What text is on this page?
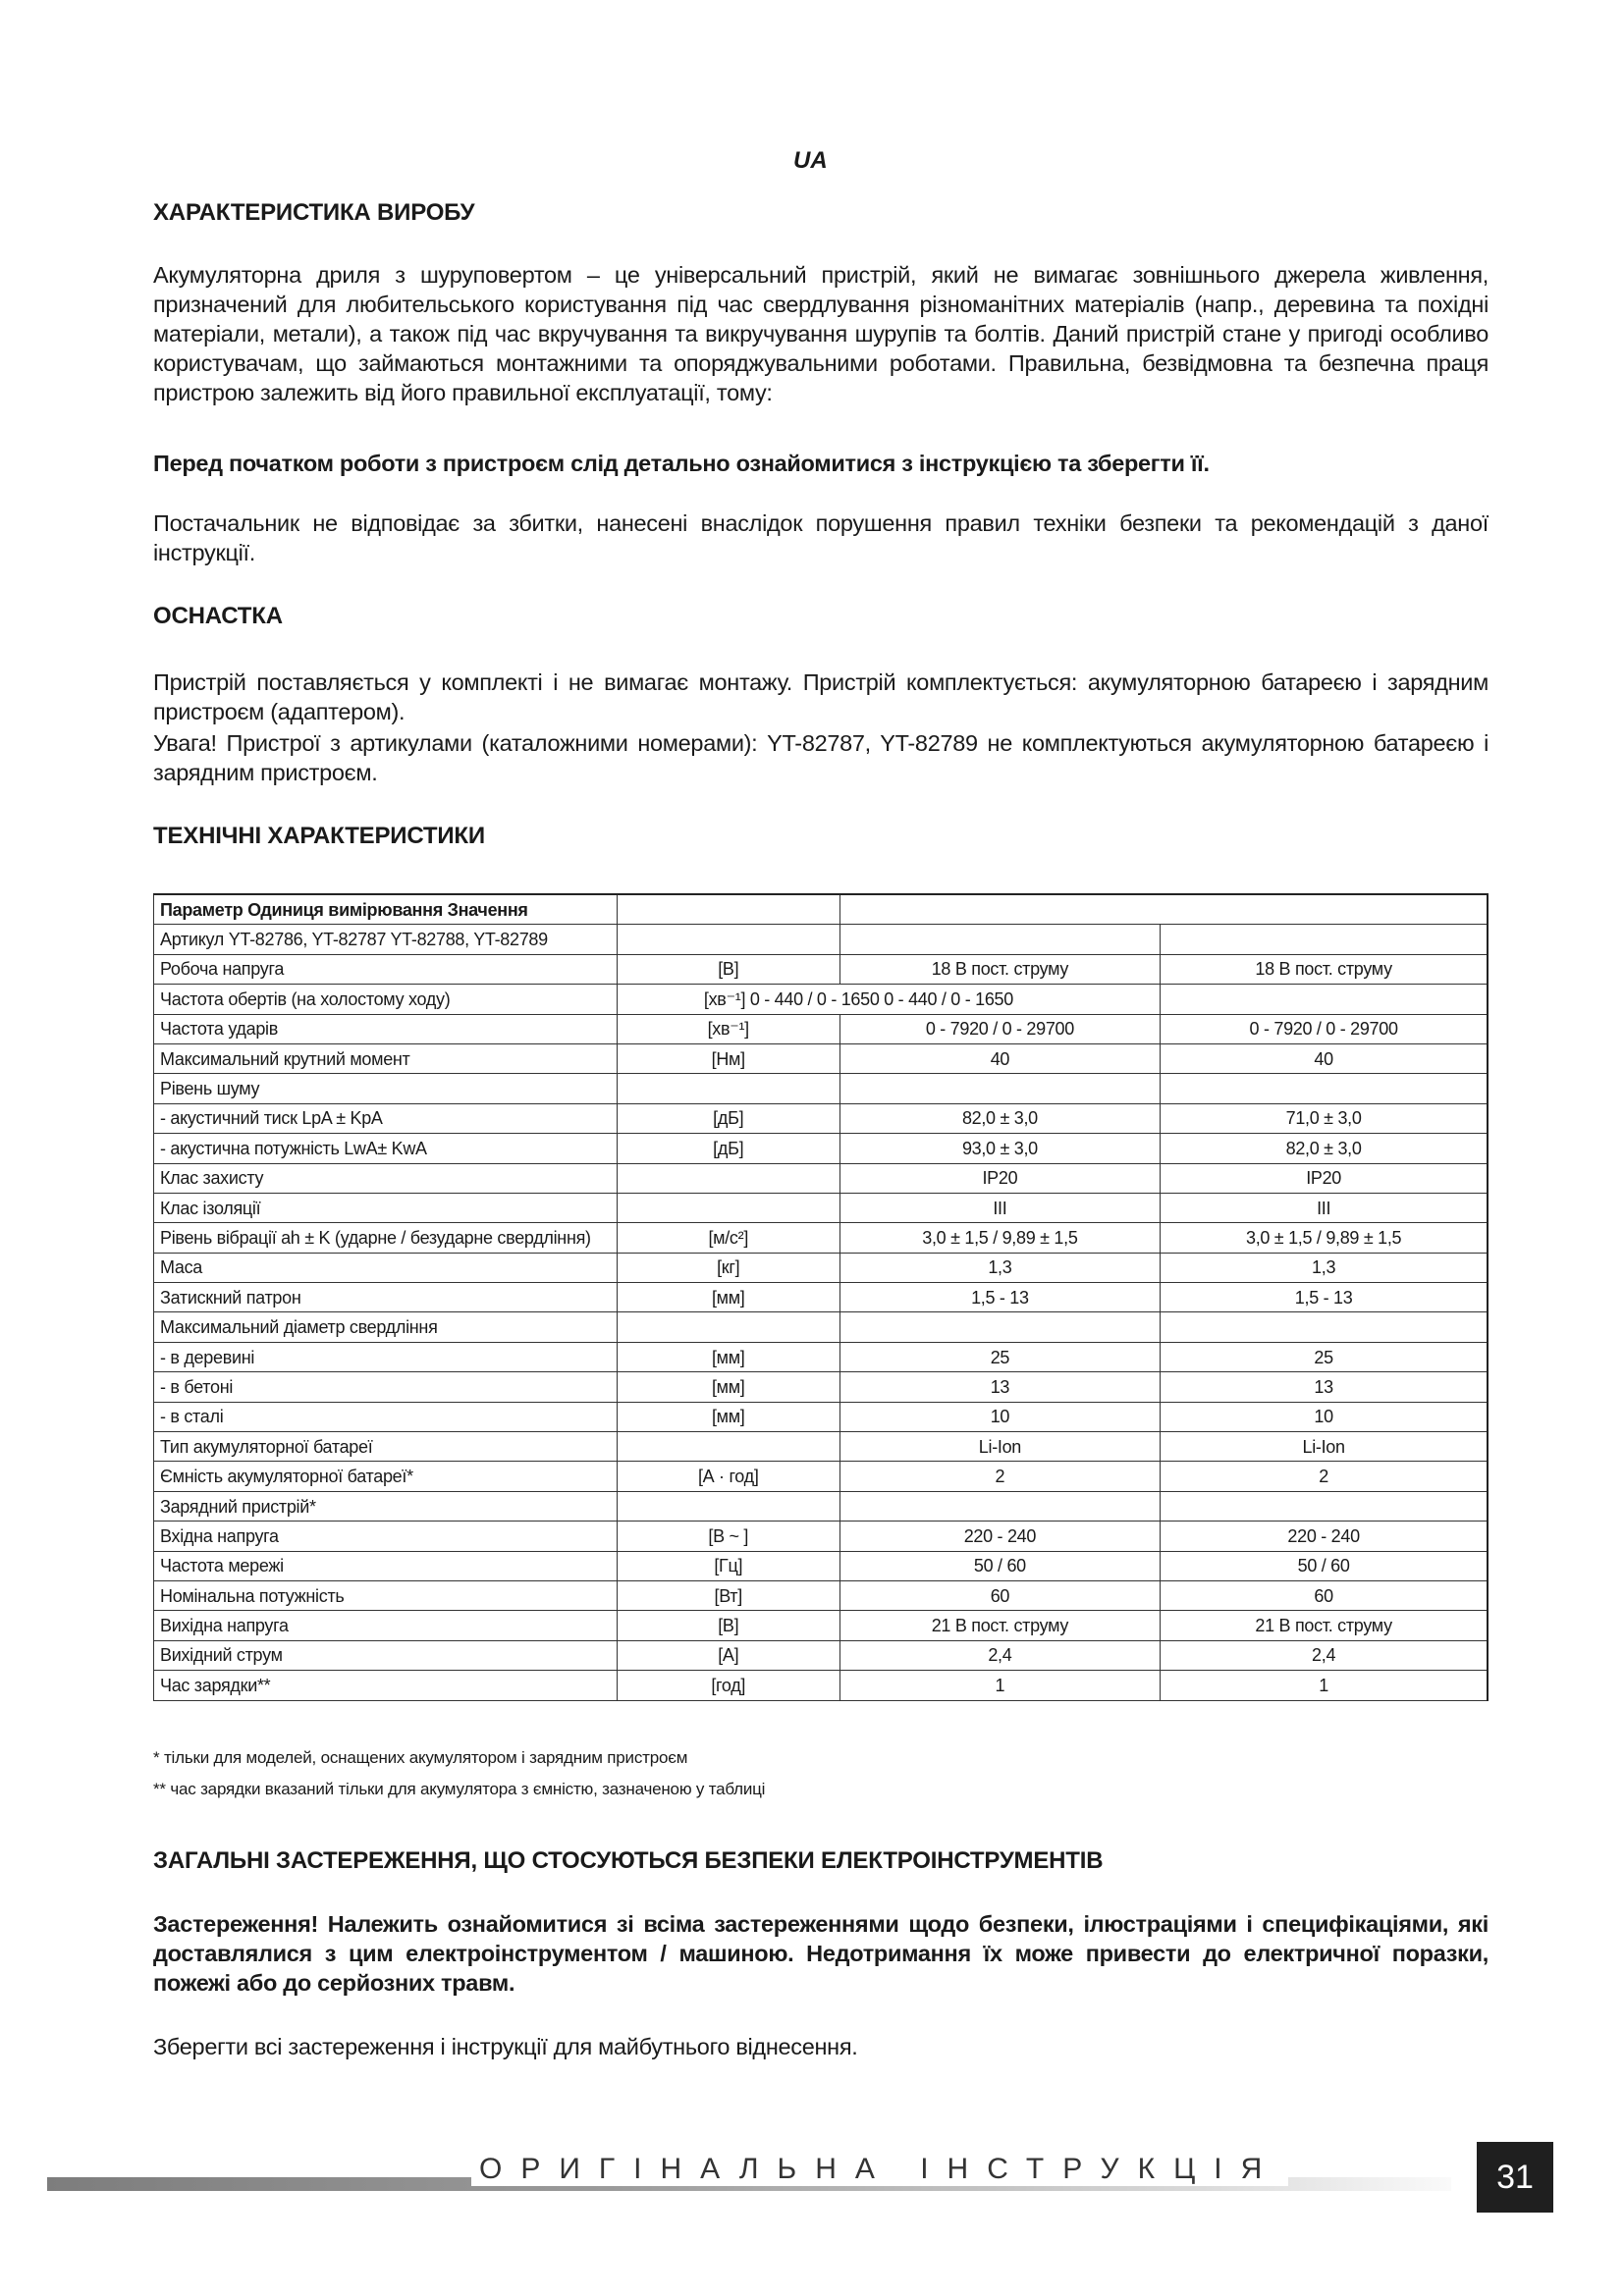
UA
ХАРАКТЕРИСТИКА ВИРОБУ
Акумуляторна дриля з шуруповертом – це універсальний пристрій, який не вимагає зовнішнього джерела живлення, призначений для любительського користування під час свердлування різноманітних матеріалів (напр., деревина та похідні матеріали, метали), а також під час вкручування та викручування шурупів та болтів. Даний пристрій стане у пригоді особливо користувачам, що займаються монтажними та опоряджувальними роботами. Правильна, безвідмовна та безпечна праця пристрою залежить від його правильної експлуатації, тому:
Перед початком роботи з пристроєм слід детально ознайомитися з інструкцією та зберегти її.
Постачальник не відповідає за збитки, нанесені внаслідок порушення правил техніки безпеки та рекомендацій з даної інструкції.
ОСНАСТКА
Пристрій поставляється у комплекті і не вимагає монтажу. Пристрій комплектується: акумуляторною батареєю і зарядним пристроєм (адаптером).
Увага! Пристрої з артикулами (каталожними номерами): YT-82787, YT-82789 не комплектуються акумуляторною батареєю і зарядним пристроєм.
ТЕХНІЧНІ ХАРАКТЕРИСТИКИ
Параметр Одиниця вимірювання Значення			
Артикул YT-82786, YT-82787 YT-82788, YT-82789			
Робоча напруга	[В]	18 В пост. струму	18 В пост. струму
Частота обертів (на холостому ходу)	[хв⁻¹] 0 - 440 / 0 - 1650 0 - 440 / 0 - 1650		
Частота ударів	[хв⁻¹]	0 - 7920 / 0 - 29700	0 - 7920 / 0 - 29700
Максимальний крутний момент	[Нм]	40	40
Рівень шуму			
- акустичний тиск LpA ± KpA	[дБ]	82,0 ± 3,0	71,0 ± 3,0
- акустична потужність LwA± KwA	[дБ]	93,0 ± 3,0	82,0 ± 3,0
Клас захисту		IP20	IP20
Клас ізоляції		III	III
Рівень вібрації ah ± K (ударне / безударне свердління)	[м/с²]	3,0 ± 1,5 / 9,89 ± 1,5	3,0 ± 1,5 / 9,89 ± 1,5
Маса	[кг]	1,3	1,3
Затискний патрон	[мм]	1,5 - 13	1,5 - 13
Максимальний діаметр свердління			
- в деревині	[мм]	25	25
- в бетоні	[мм]	13	13
- в сталі	[мм]	10	10
Тип акумуляторної батареї		Li-Ion	Li-Ion
Ємність акумуляторної батареї*	[А · год]	2	2
Зарядний пристрій*			
Вхідна напруга	[В ~ ]	220 - 240	220 - 240
Частота мережі	[Гц]	50 / 60	50 / 60
Номінальна потужність	[Вт]	60	60
Вихідна напруга	[В]	21 В пост. струму	21 В пост. струму
Вихідний струм	[А]	2,4	2,4
Час зарядки**	[год]	1	1
* тільки для моделей, оснащених акумулятором і зарядним пристроєм
** час зарядки вказаний тільки для акумулятора з ємністю, зазначеною у таблиці
ЗАГАЛЬНІ ЗАСТЕРЕЖЕННЯ, ЩО СТОСУЮТЬСЯ БЕЗПЕКИ ЕЛЕКТРОІНСТРУМЕНТІВ
Застереження! Належить ознайомитися зі всіма застереженнями щодо безпеки, ілюстраціями і специфікаціями, які доставлялися з цим електроінструментом / машиною. Недотримання їх може привести до електричної поразки, пожежі або до серйозних травм.
Зберегти всі застереження і інструкції для майбутнього віднесення.
ОРИГІНАЛЬНА ІНСТРУКЦІЯ	31
